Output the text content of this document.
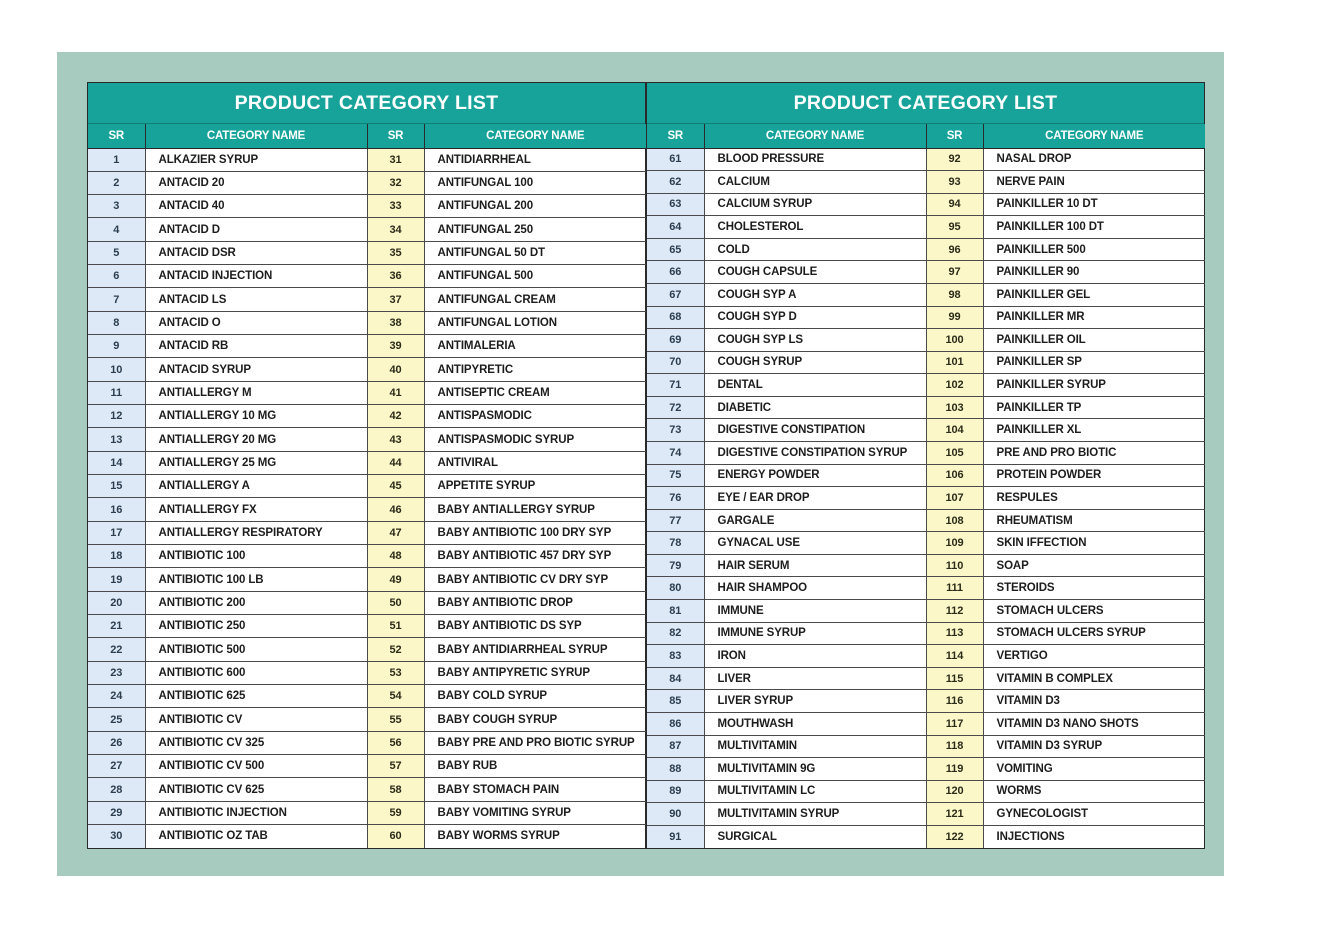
PRODUCT CATEGORY LIST
SR	CATEGORY NAME	SR	CATEGORY NAME
1	ALKAZIER SYRUP	31	ANTIDIARRHEAL
2	ANTACID 20	32	ANTIFUNGAL 100
3	ANTACID 40	33	ANTIFUNGAL 200
4	ANTACID D	34	ANTIFUNGAL 250
5	ANTACID DSR	35	ANTIFUNGAL 50 DT
6	ANTACID INJECTION	36	ANTIFUNGAL 500
7	ANTACID LS	37	ANTIFUNGAL CREAM
8	ANTACID O	38	ANTIFUNGAL LOTION
9	ANTACID RB	39	ANTIMALERIA
10	ANTACID SYRUP	40	ANTIPYRETIC
11	ANTIALLERGY M	41	ANTISEPTIC CREAM
12	ANTIALLERGY 10 MG	42	ANTISPASMODIC
13	ANTIALLERGY 20 MG	43	ANTISPASMODIC SYRUP
14	ANTIALLERGY 25 MG	44	ANTIVIRAL
15	ANTIALLERGY A	45	APPETITE SYRUP
16	ANTIALLERGY FX	46	BABY ANTIALLERGY SYRUP
17	ANTIALLERGY RESPIRATORY	47	BABY ANTIBIOTIC 100 DRY SYP
18	ANTIBIOTIC 100	48	BABY ANTIBIOTIC 457 DRY SYP
19	ANTIBIOTIC 100 LB	49	BABY ANTIBIOTIC CV DRY SYP
20	ANTIBIOTIC 200	50	BABY ANTIBIOTIC DROP
21	ANTIBIOTIC 250	51	BABY ANTIBIOTIC DS SYP
22	ANTIBIOTIC 500	52	BABY ANTIDIARRHEAL SYRUP
23	ANTIBIOTIC 600	53	BABY ANTIPYRETIC SYRUP
24	ANTIBIOTIC 625	54	BABY COLD SYRUP
25	ANTIBIOTIC CV	55	BABY COUGH SYRUP
26	ANTIBIOTIC CV 325	56	BABY PRE AND PRO BIOTIC SYRUP
27	ANTIBIOTIC CV 500	57	BABY RUB
28	ANTIBIOTIC CV 625	58	BABY STOMACH PAIN
29	ANTIBIOTIC INJECTION	59	BABY VOMITING SYRUP
30	ANTIBIOTIC OZ TAB	60	BABY WORMS SYRUP
PRODUCT CATEGORY LIST
SR	CATEGORY NAME	SR	CATEGORY NAME
61	BLOOD PRESSURE	92	NASAL DROP
62	CALCIUM	93	NERVE PAIN
63	CALCIUM SYRUP	94	PAINKILLER 10 DT
64	CHOLESTEROL	95	PAINKILLER 100 DT
65	COLD	96	PAINKILLER 500
66	COUGH CAPSULE	97	PAINKILLER 90
67	COUGH SYP A	98	PAINKILLER GEL
68	COUGH SYP D	99	PAINKILLER MR
69	COUGH SYP LS	100	PAINKILLER OIL
70	COUGH SYRUP	101	PAINKILLER SP
71	DENTAL	102	PAINKILLER SYRUP
72	DIABETIC	103	PAINKILLER TP
73	DIGESTIVE CONSTIPATION	104	PAINKILLER XL
74	DIGESTIVE CONSTIPATION SYRUP	105	PRE AND PRO BIOTIC
75	ENERGY POWDER	106	PROTEIN POWDER
76	EYE / EAR DROP	107	RESPULES
77	GARGALE	108	RHEUMATISM
78	GYNACAL USE	109	SKIN IFFECTION
79	HAIR SERUM	110	SOAP
80	HAIR SHAMPOO	111	STEROIDS
81	IMMUNE	112	STOMACH ULCERS
82	IMMUNE SYRUP	113	STOMACH ULCERS SYRUP
83	IRON	114	VERTIGO
84	LIVER	115	VITAMIN B COMPLEX
85	LIVER SYRUP	116	VITAMIN D3
86	MOUTHWASH	117	VITAMIN D3 NANO SHOTS
87	MULTIVITAMIN	118	VITAMIN D3 SYRUP
88	MULTIVITAMIN 9G	119	VOMITING
89	MULTIVITAMIN LC	120	WORMS
90	MULTIVITAMIN SYRUP	121	GYNECOLOGIST
91	SURGICAL	122	INJECTIONS
